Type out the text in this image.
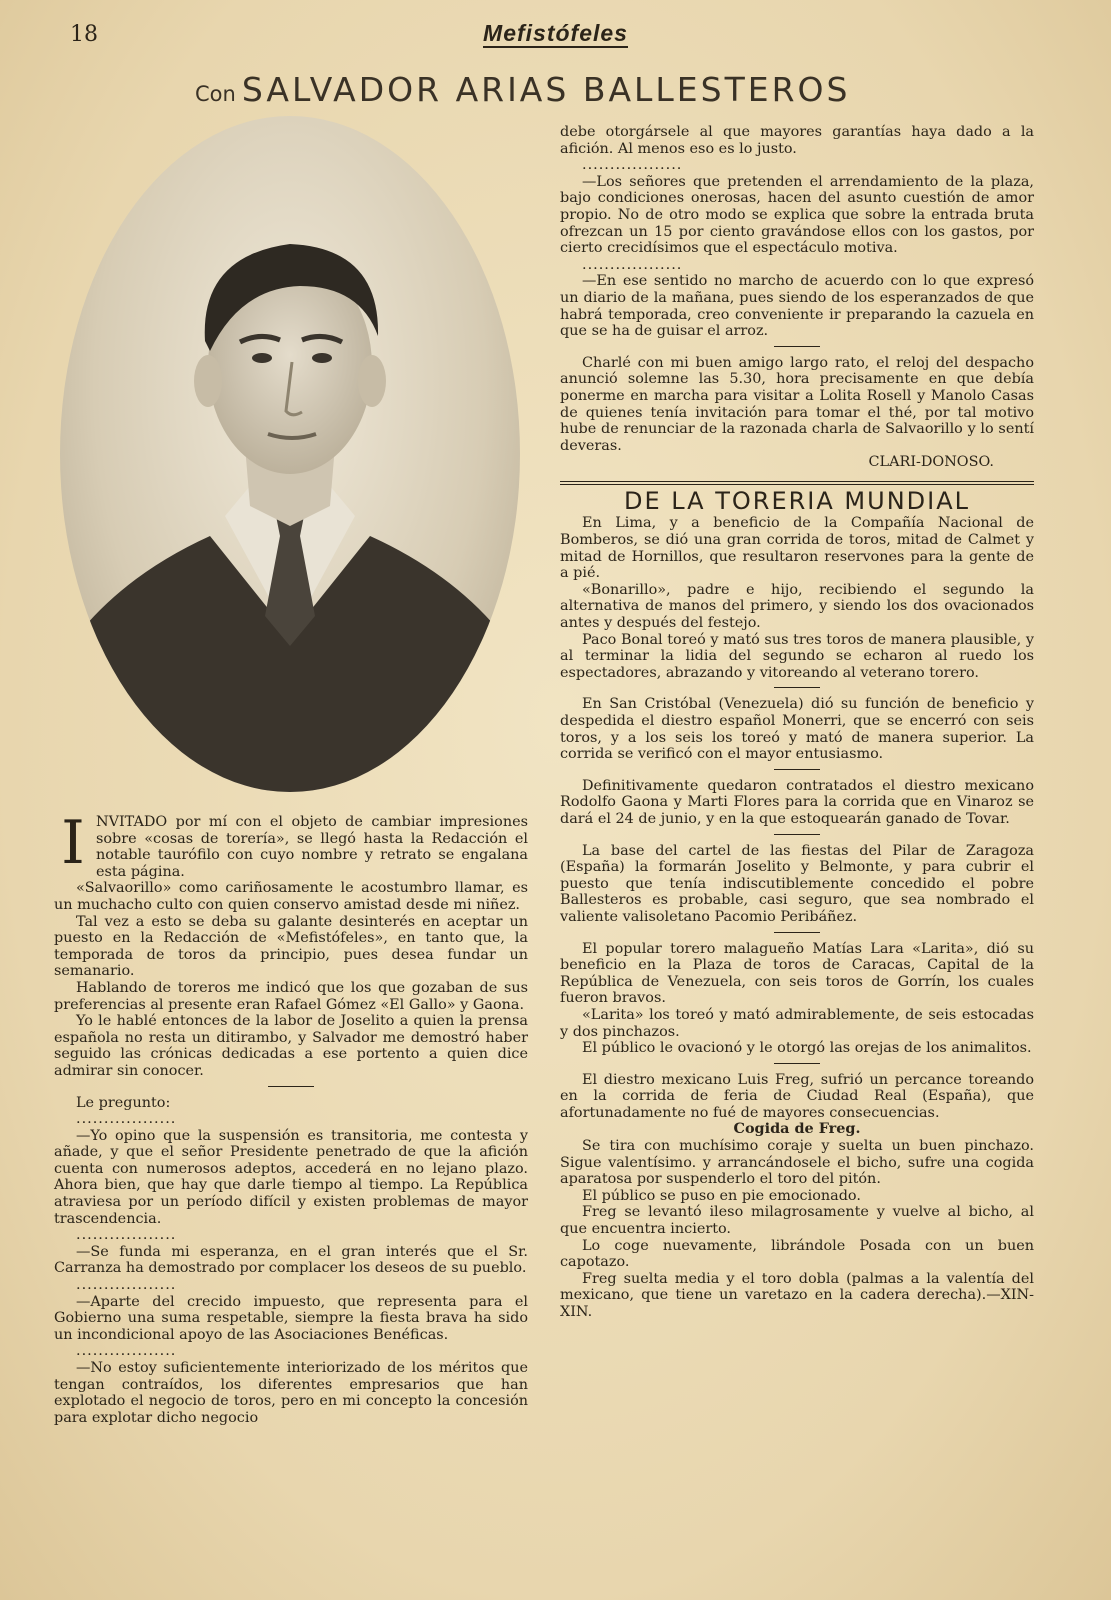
18	Mefistófeles
Con SALVADOR ARIAS BALLESTEROS

INVITADO por mí con el objeto de cambiar impresiones sobre «cosas de torería», se llegó hasta la Redacción el notable taurófilo con cuyo nombre y retrato se engalana esta página.

«Salvaorillo» como cariñosamente le acostumbro llamar, es un muchacho culto con quien conservo amistad desde mi niñez.

Tal vez a esto se deba su galante desinterés en aceptar un puesto en la Redacción de «Mefistófeles», en tanto que, la temporada de toros da principio, pues desea fundar un semanario.

Hablando de toreros me indicó que los que gozaban de sus preferencias al presente eran Rafael Gómez «El Gallo» y Gaona.

Yo le hablé entonces de la labor de Joselito a quien la prensa española no resta un ditirambo, y Salvador me demostró haber seguido las crónicas dedicadas a ese portento a quien dice admirar sin conocer.

Le pregunto:

..................

—Yo opino que la suspensión es transitoria, me contesta y añade, y que el señor Presidente penetrado de que la afición cuenta con numerosos adeptos, accederá en no lejano plazo. Ahora bien, que hay que darle tiempo al tiempo. La República atraviesa por un período difícil y existen problemas de mayor trascendencia.

..................

—Se funda mi esperanza, en el gran interés que el Sr. Carranza ha demostrado por complacer los deseos de su pueblo.

..................

—Aparte del crecido impuesto, que representa para el Gobierno una suma respetable, siempre la fiesta brava ha sido un incondicional apoyo de las Asociaciones Benéficas.

..................

—No estoy suficientemente interiorizado de los méritos que tengan contraídos, los diferentes empresarios que han explotado el negocio de toros, pero en mi concepto la concesión para explotar dicho negocio

debe otorgársele al que mayores garantías haya dado a la afición. Al menos eso es lo justo.

..................

—Los señores que pretenden el arrendamiento de la plaza, bajo condiciones onerosas, hacen del asunto cuestión de amor propio. No de otro modo se explica que sobre la entrada bruta ofrezcan un 15 por ciento gravándose ellos con los gastos, por cierto crecidísimos que el espectáculo motiva.

..................

—En ese sentido no marcho de acuerdo con lo que expresó un diario de la mañana, pues siendo de los esperanzados de que habrá temporada, creo conveniente ir preparando la cazuela en que se ha de guisar el arroz.

Charlé con mi buen amigo largo rato, el reloj del despacho anunció solemne las 5.30, hora precisamente en que debía ponerme en marcha para visitar a Lolita Rosell y Manolo Casas de quienes tenía invitación para tomar el thé, por tal motivo hube de renunciar de la razonada charla de Salvaorillo y lo sentí deveras.

CLARI-DONOSO.

DE LA TORERIA MUNDIAL

En Lima, y a beneficio de la Compañía Nacional de Bomberos, se dió una gran corrida de toros, mitad de Calmet y mitad de Hornillos, que resultaron reservones para la gente de a pié.

«Bonarillo», padre e hijo, recibiendo el segundo la alternativa de manos del primero, y siendo los dos ovacionados antes y después del festejo.

Paco Bonal toreó y mató sus tres toros de manera plausible, y al terminar la lidia del segundo se echaron al ruedo los espectadores, abrazando y vitoreando al veterano torero.

En San Cristóbal (Venezuela) dió su función de beneficio y despedida el diestro español Monerri, que se encerró con seis toros, y a los seis los toreó y mató de manera superior. La corrida se verificó con el mayor entusiasmo.

Definitivamente quedaron contratados el diestro mexicano Rodolfo Gaona y Marti Flores para la corrida que en Vinaroz se dará el 24 de junio, y en la que estoquearán ganado de Tovar.

La base del cartel de las fiestas del Pilar de Zaragoza (España) la formarán Joselito y Belmonte, y para cubrir el puesto que tenía indiscutiblemente concedido el pobre Ballesteros es probable, casi seguro, que sea nombrado el valiente valisoletano Pacomio Peribáñez.

El popular torero malagueño Matías Lara «Larita», dió su beneficio en la Plaza de toros de Caracas, Capital de la República de Venezuela, con seis toros de Gorrín, los cuales fueron bravos.

«Larita» los toreó y mató admirablemente, de seis estocadas y dos pinchazos.

El público le ovacionó y le otorgó las orejas de los animalitos.

El diestro mexicano Luis Freg, sufrió un percance toreando en la corrida de feria de Ciudad Real (España), que afortunadamente no fué de mayores consecuencias.

Cogida de Freg.

Se tira con muchísimo coraje y suelta un buen pinchazo. Sigue valentísimo. y arrancándosele el bicho, sufre una cogida aparatosa por suspenderlo el toro del pitón.

El público se puso en pie emocionado.

Freg se levantó ileso milagrosamente y vuelve al bicho, al que encuentra incierto.

Lo coge nuevamente, librándole Posada con un buen capotazo.

Freg suelta media y el toro dobla (palmas a la valentía del mexicano, que tiene un varetazo en la cadera derecha).—XIN-XIN.
